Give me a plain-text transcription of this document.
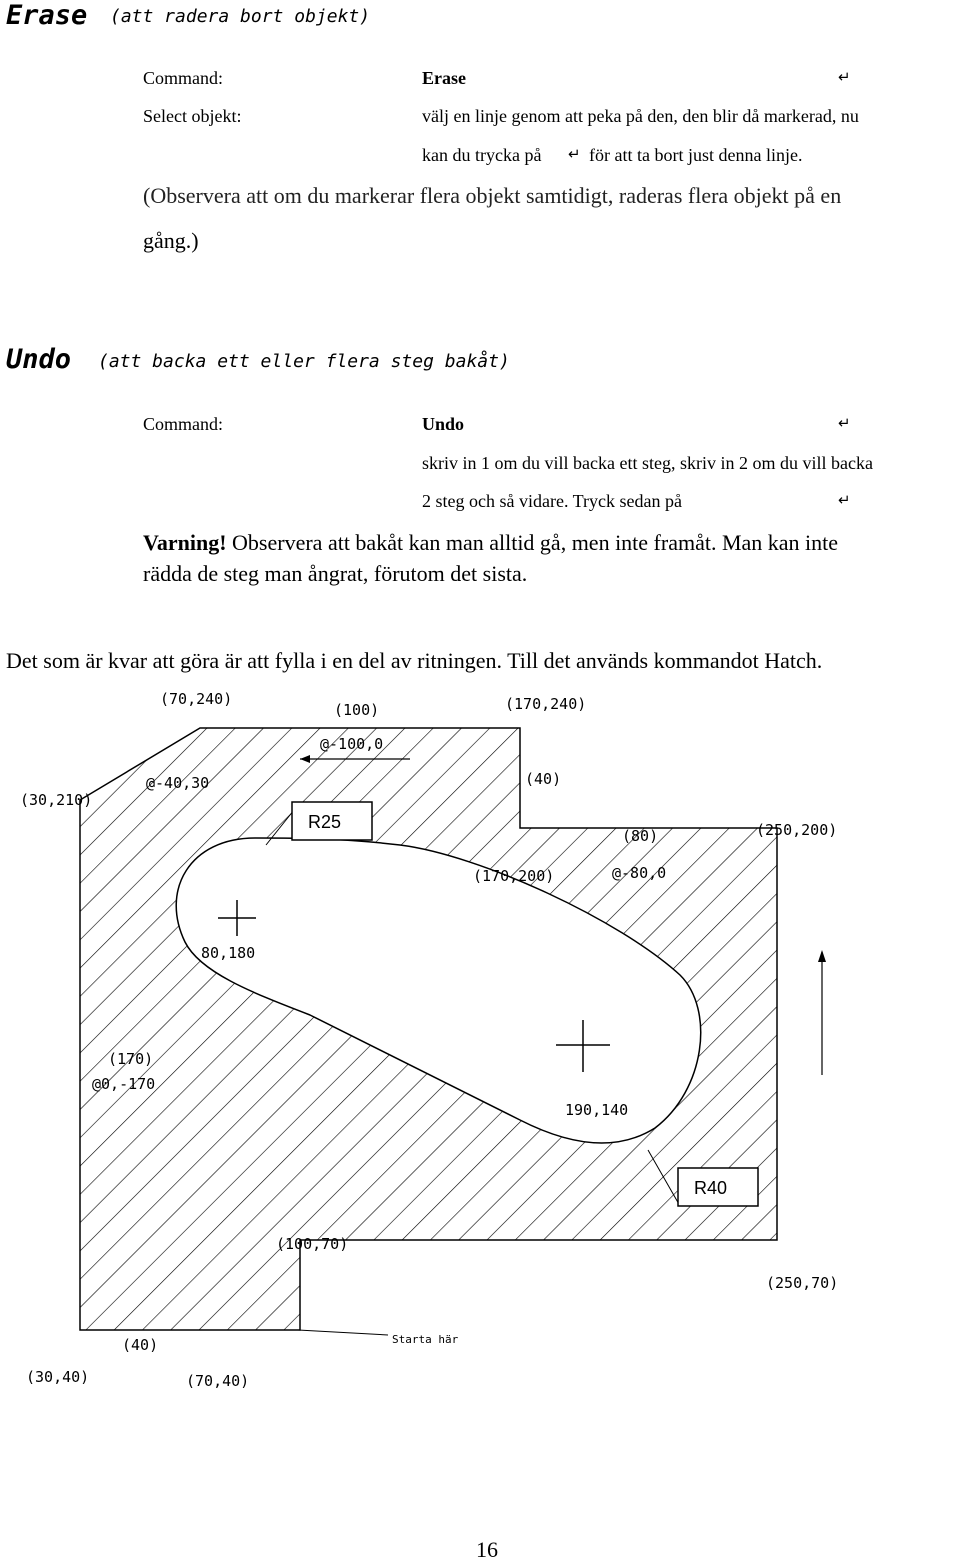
Erase (att radera bort objekt)
Command:	Erase	↵
Select objekt:	välj en linje genom att peka på den, den blir då markerad, nu
kan du trycka på ↵ för att ta bort just denna linje.
(Observera att om du markerar flera objekt samtidigt, raderas flera objekt på en
gång.)
Undo (att backa ett eller flera steg bakåt)
Command:	Undo	↵
skriv in 1 om du vill backa ett steg, skriv in 2 om du vill backa
2 steg och så vidare. Tryck sedan på	↵
Varning! Observera att bakåt kan man alltid gå, men inte framåt. Man kan inte
rädda de steg man ångrat, förutom det sista.
Det som är kvar att göra är att fylla i en del av ritningen. Till det används kommandot Hatch.
R25
R40
(70,240)
(100)
@-100,0
(170,240)
(30,210)
@-40,30	(40)
(80)	(250,200)
(170,200)	@-80,0
80,180
(170)
@0,-170
190,140
(100,70)
(250,70)
(40)	Starta här
(30,40)	(70,40)
16
